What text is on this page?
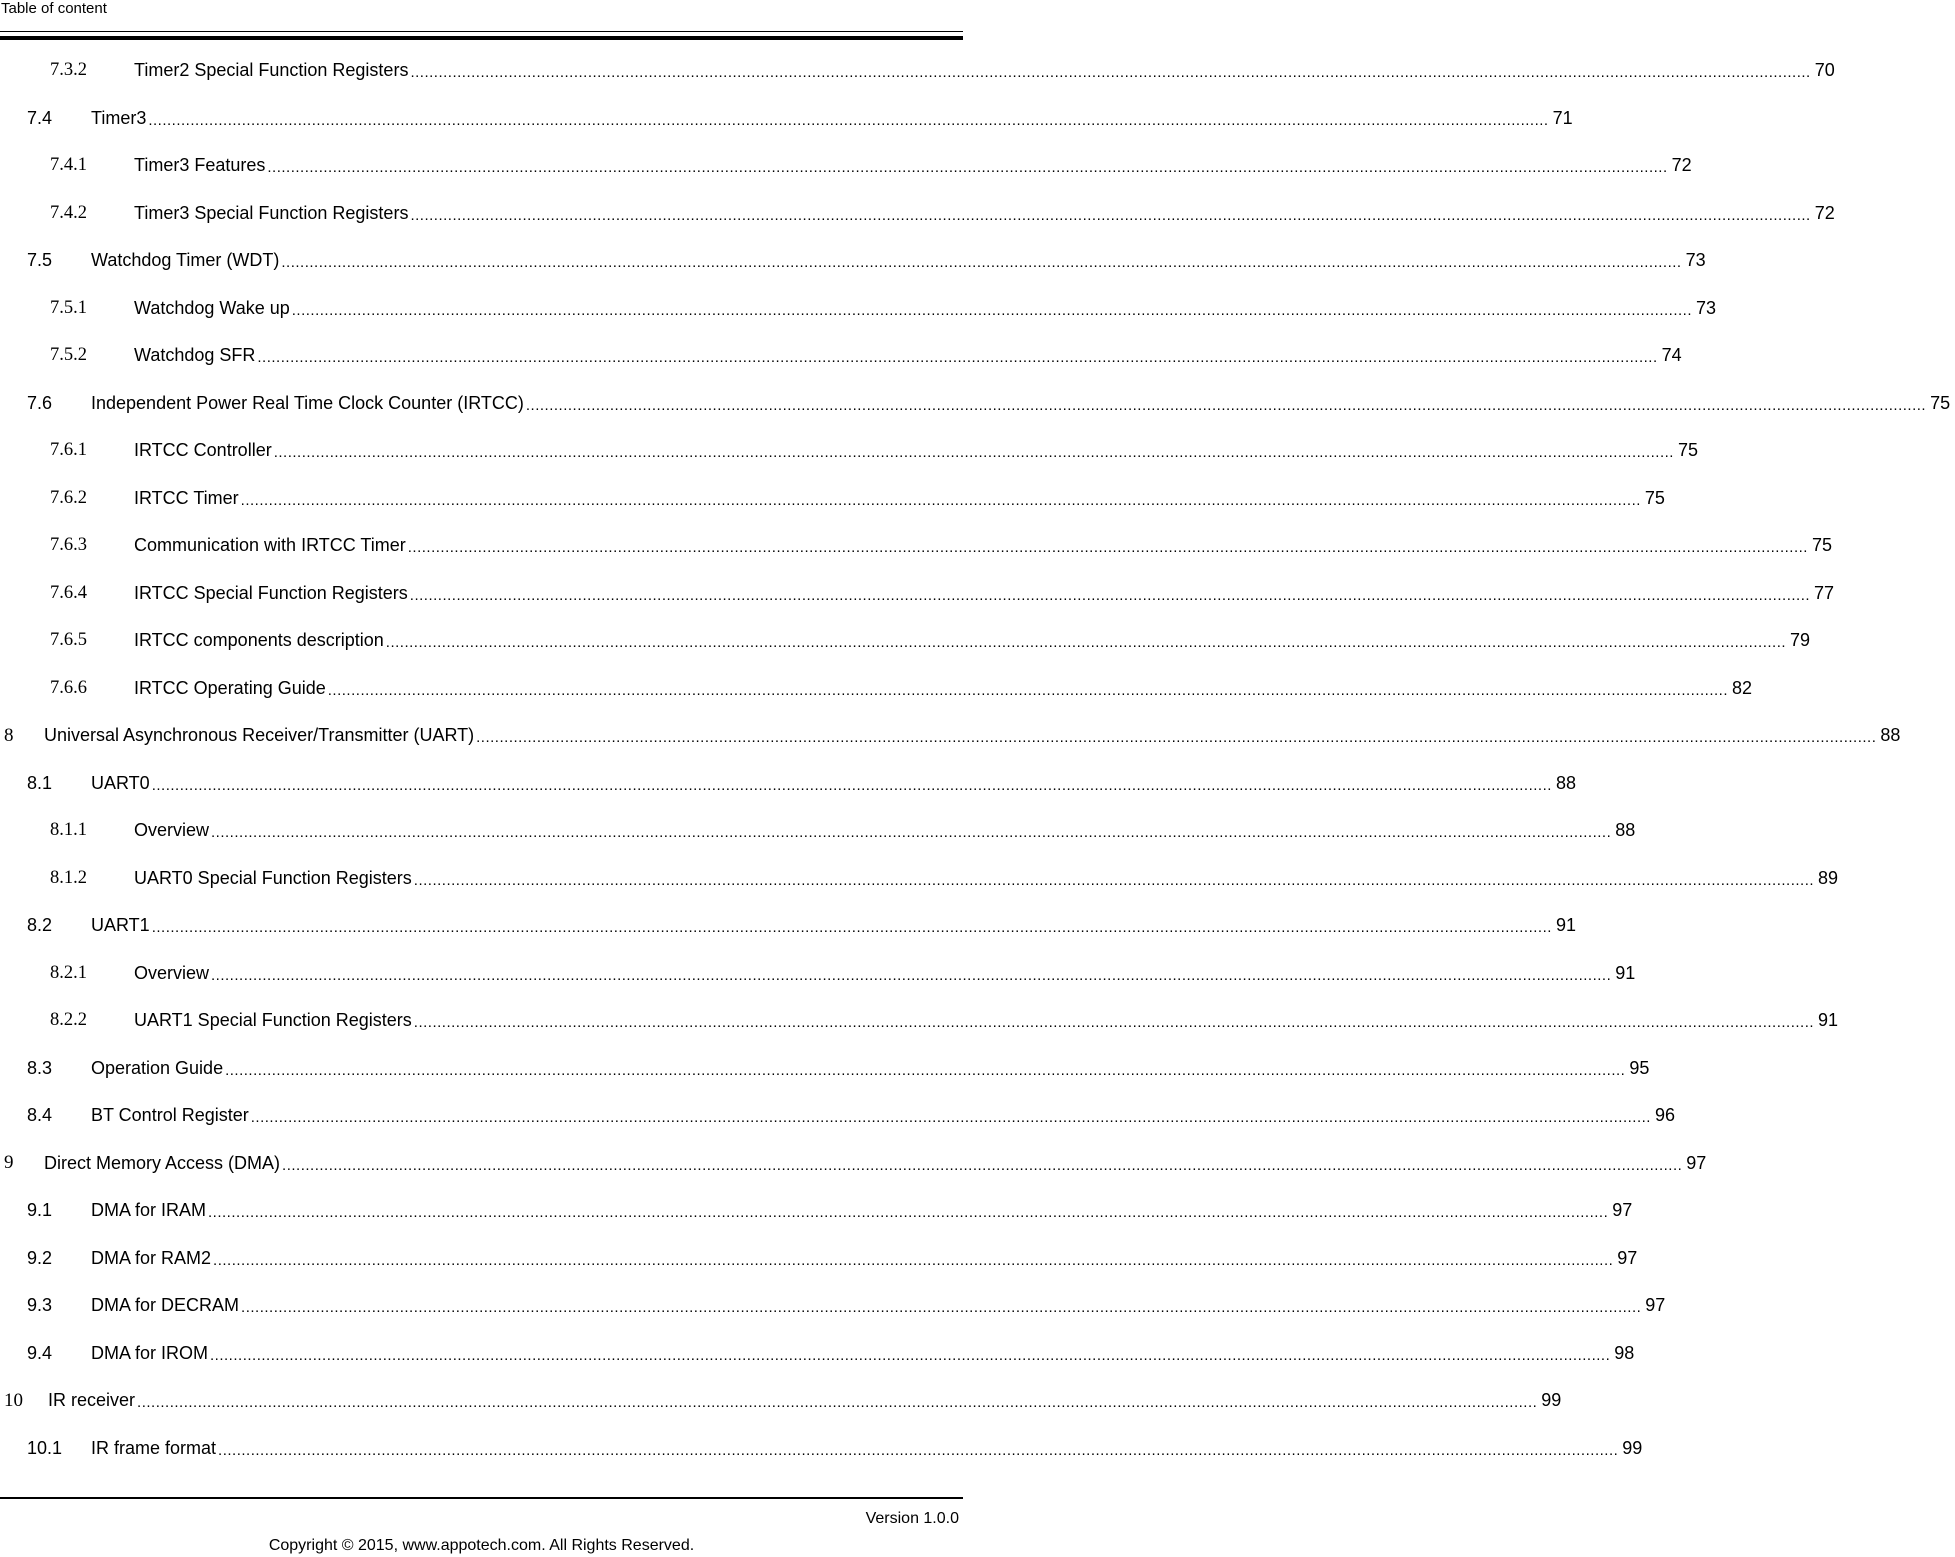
Table of content
7.3.2	Timer2 Special Function Registers ............................................................................................................................................................................................................................................................................................................ 70
7.4	Timer3 ............................................................................................................................................................................................................................................................................................................ 71
7.4.1	Timer3 Features ............................................................................................................................................................................................................................................................................................................ 72
7.4.2	Timer3 Special Function Registers ............................................................................................................................................................................................................................................................................................................ 72
7.5	Watchdog Timer (WDT) ............................................................................................................................................................................................................................................................................................................ 73
7.5.1	Watchdog Wake up ............................................................................................................................................................................................................................................................................................................ 73
7.5.2	Watchdog SFR ............................................................................................................................................................................................................................................................................................................ 74
7.6	Independent Power Real Time Clock Counter (IRTCC) ............................................................................................................................................................................................................................................................................................................ 75
7.6.1	IRTCC Controller ............................................................................................................................................................................................................................................................................................................ 75
7.6.2	IRTCC Timer ............................................................................................................................................................................................................................................................................................................ 75
7.6.3	Communication with IRTCC Timer ............................................................................................................................................................................................................................................................................................................ 75
7.6.4	IRTCC Special Function Registers ............................................................................................................................................................................................................................................................................................................ 77
7.6.5	IRTCC components description ............................................................................................................................................................................................................................................................................................................ 79
7.6.6	IRTCC Operating Guide ............................................................................................................................................................................................................................................................................................................ 82
8	Universal Asynchronous Receiver/Transmitter (UART) ............................................................................................................................................................................................................................................................................................................ 88
8.1	UART0 ............................................................................................................................................................................................................................................................................................................ 88
8.1.1	Overview ............................................................................................................................................................................................................................................................................................................ 88
8.1.2	UART0 Special Function Registers ............................................................................................................................................................................................................................................................................................................ 89
8.2	UART1 ............................................................................................................................................................................................................................................................................................................ 91
8.2.1	Overview ............................................................................................................................................................................................................................................................................................................ 91
8.2.2	UART1 Special Function Registers ............................................................................................................................................................................................................................................................................................................ 91
8.3	Operation Guide ............................................................................................................................................................................................................................................................................................................ 95
8.4	BT Control Register ............................................................................................................................................................................................................................................................................................................ 96
9	Direct Memory Access (DMA) ............................................................................................................................................................................................................................................................................................................ 97
9.1	DMA for IRAM ............................................................................................................................................................................................................................................................................................................ 97
9.2	DMA for RAM2 ............................................................................................................................................................................................................................................................................................................ 97
9.3	DMA for DECRAM ............................................................................................................................................................................................................................................................................................................ 97
9.4	DMA for IROM ............................................................................................................................................................................................................................................................................................................ 98
10	IR receiver ............................................................................................................................................................................................................................................................................................................ 99
10.1	IR frame format ............................................................................................................................................................................................................................................................................................................ 99
Version 1.0.0
Copyright © 2015, www.appotech.com. All Rights Reserved.
